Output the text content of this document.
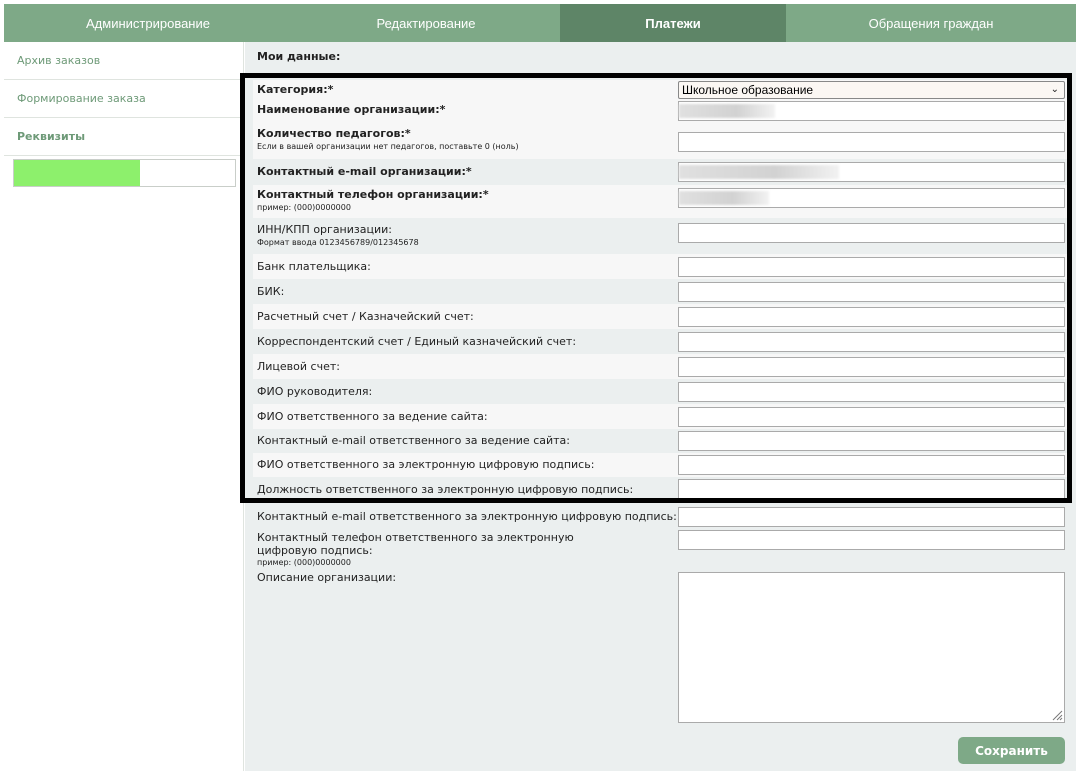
Администрирование	Редактирование	Платежи	Обращения граждан
Архив заказов
Формирование заказа
Реквизиты
Мои данные:
Категория:*	Школьное образование	⌄
Наименование организации:*
Количество педагогов:*
Если в вашей организации нет педагогов, поставьте 0 (ноль)
Контактный e-mail организации:*
Контактный телефон организации:*
пример: (000)0000000
ИНН/КПП организации:
Формат ввода 0123456789/012345678
Банк плательщика:
БИК:
Расчетный счет / Казначейский счет:
Корреспондентский счет / Единый казначейский счет:
Лицевой счет:
ФИО руководителя:
ФИО ответственного за ведение сайта:
Контактный e-mail ответственного за ведение сайта:
ФИО ответственного за электронную цифровую подпись:
Должность ответственного за электронную цифровую подпись:
Контактный e-mail ответственного за электронную цифровую подпись:
Контактный телефон ответственного за электронную цифровую подпись:
пример: (000)0000000
Описание организации:
Сохранить
